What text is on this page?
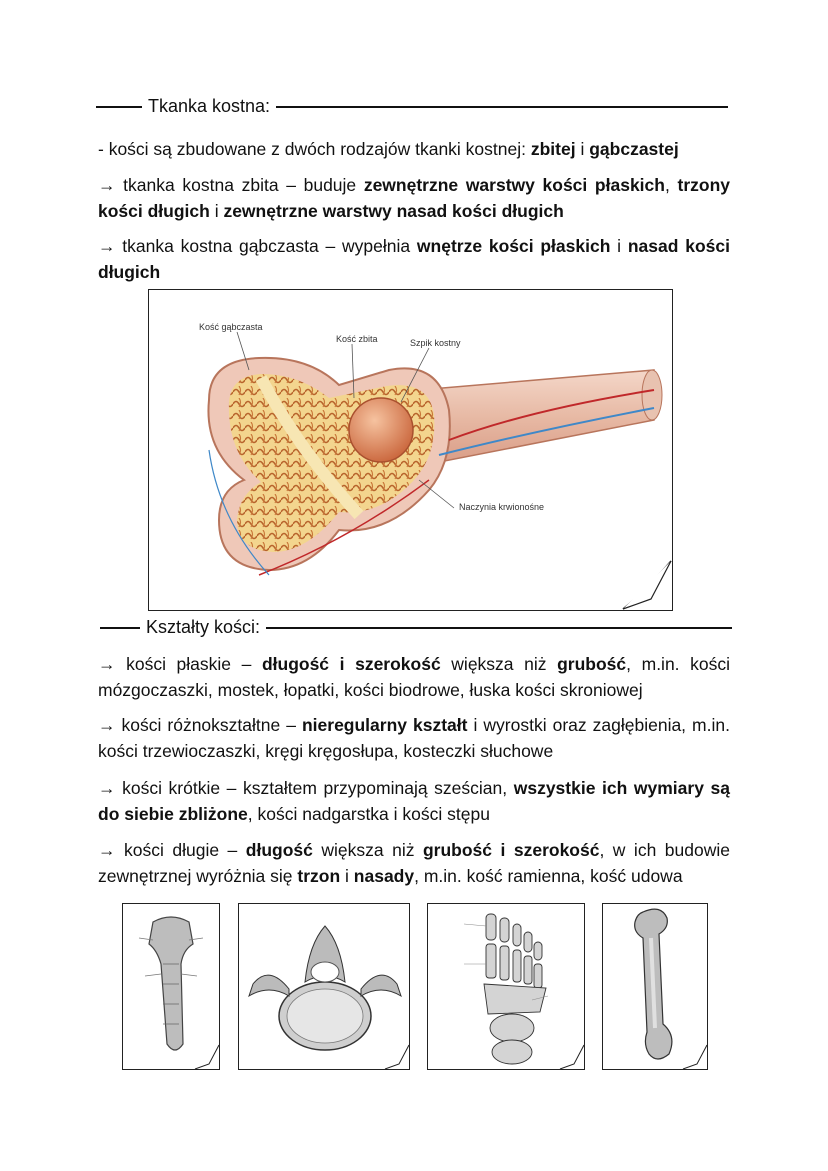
Tkanka kostna:
- kości są zbudowane z dwóch rodzajów tkanki kostnej: zbitej i gąbczastej
→ tkanka kostna zbita – buduje zewnętrzne warstwy kości płaskich, trzony kości długich i zewnętrzne warstwy nasad kości długich
→ tkanka kostna gąbczasta – wypełnia wnętrze kości płaskich i nasad kości długich
Kość gąbczasta
Kość zbita	Szpik kostny
Naczynia krwionośne
Kształty kości:
→ kości płaskie – długość i szerokość większa niż grubość, m.in. kości mózgoczaszki, mostek, łopatki, kości biodrowe, łuska kości skroniowej
→ kości różnokształtne – nieregularny kształt i wyrostki oraz zagłębienia, m.in. kości trzewioczaszki, kręgi kręgosłupa, kosteczki słuchowe
→ kości krótkie – kształtem przypominają sześcian, wszystkie ich wymiary są do siebie zbliżone, kości nadgarstka i kości stępu
→ kości długie – długość większa niż grubość i szerokość, w ich budowie zewnętrznej wyróżnia się trzon i nasady, m.in. kość ramienna, kość udowa
